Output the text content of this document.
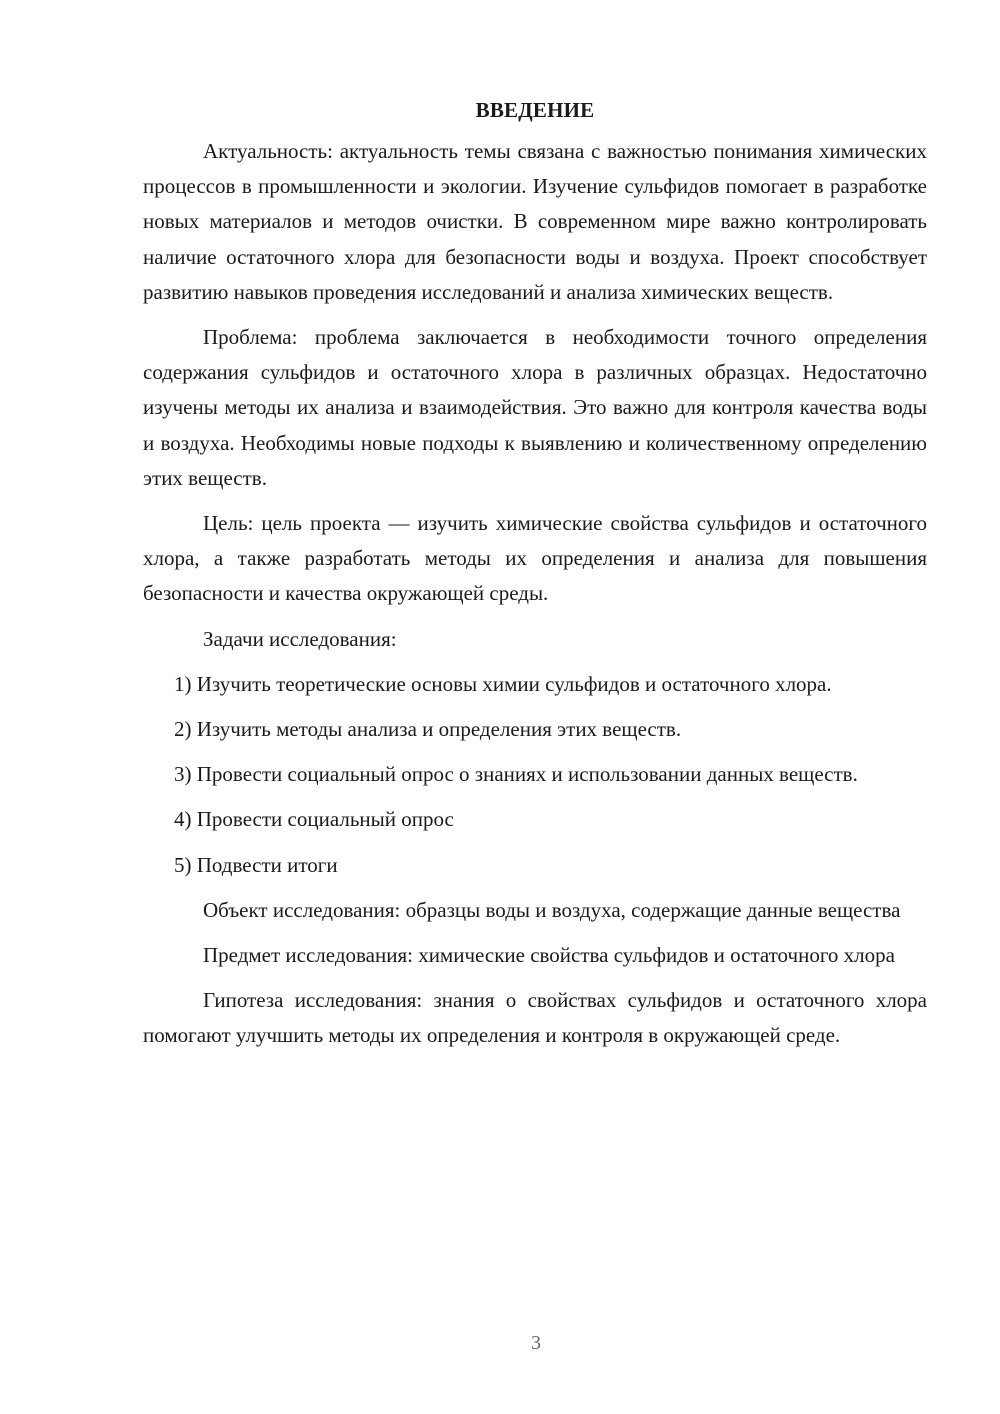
ВВЕДЕНИЕ

Актуальность: актуальность темы связана с важностью понимания химических процессов в промышленности и экологии. Изучение сульфидов помогает в разработке новых материалов и методов очистки. В современном мире важно контролировать наличие остаточного хлора для безопасности воды и воздуха. Проект способствует развитию навыков проведения исследований и анализа химических веществ.

Проблема: проблема заключается в необходимости точного определения содержания сульфидов и остаточного хлора в различных образцах. Недостаточно изучены методы их анализа и взаимодействия. Это важно для контроля качества воды и воздуха. Необходимы новые подходы к выявлению и количественному определению этих веществ.

Цель: цель проекта — изучить химические свойства сульфидов и остаточного хлора, а также разработать методы их определения и анализа для повышения безопасности и качества окружающей среды.

Задачи исследования:

1) Изучить теоретические основы химии сульфидов и остаточного хлора.

2) Изучить методы анализа и определения этих веществ.

3) Провести социальный опрос о знаниях и использовании данных веществ.

4) Провести социальный опрос

5) Подвести итоги

Объект исследования: образцы воды и воздуха, содержащие данные вещества

Предмет исследования: химические свойства сульфидов и остаточного хлора

Гипотеза исследования: знания о свойствах сульфидов и остаточного хлора помогают улучшить методы их определения и контроля в окружающей среде.

3
